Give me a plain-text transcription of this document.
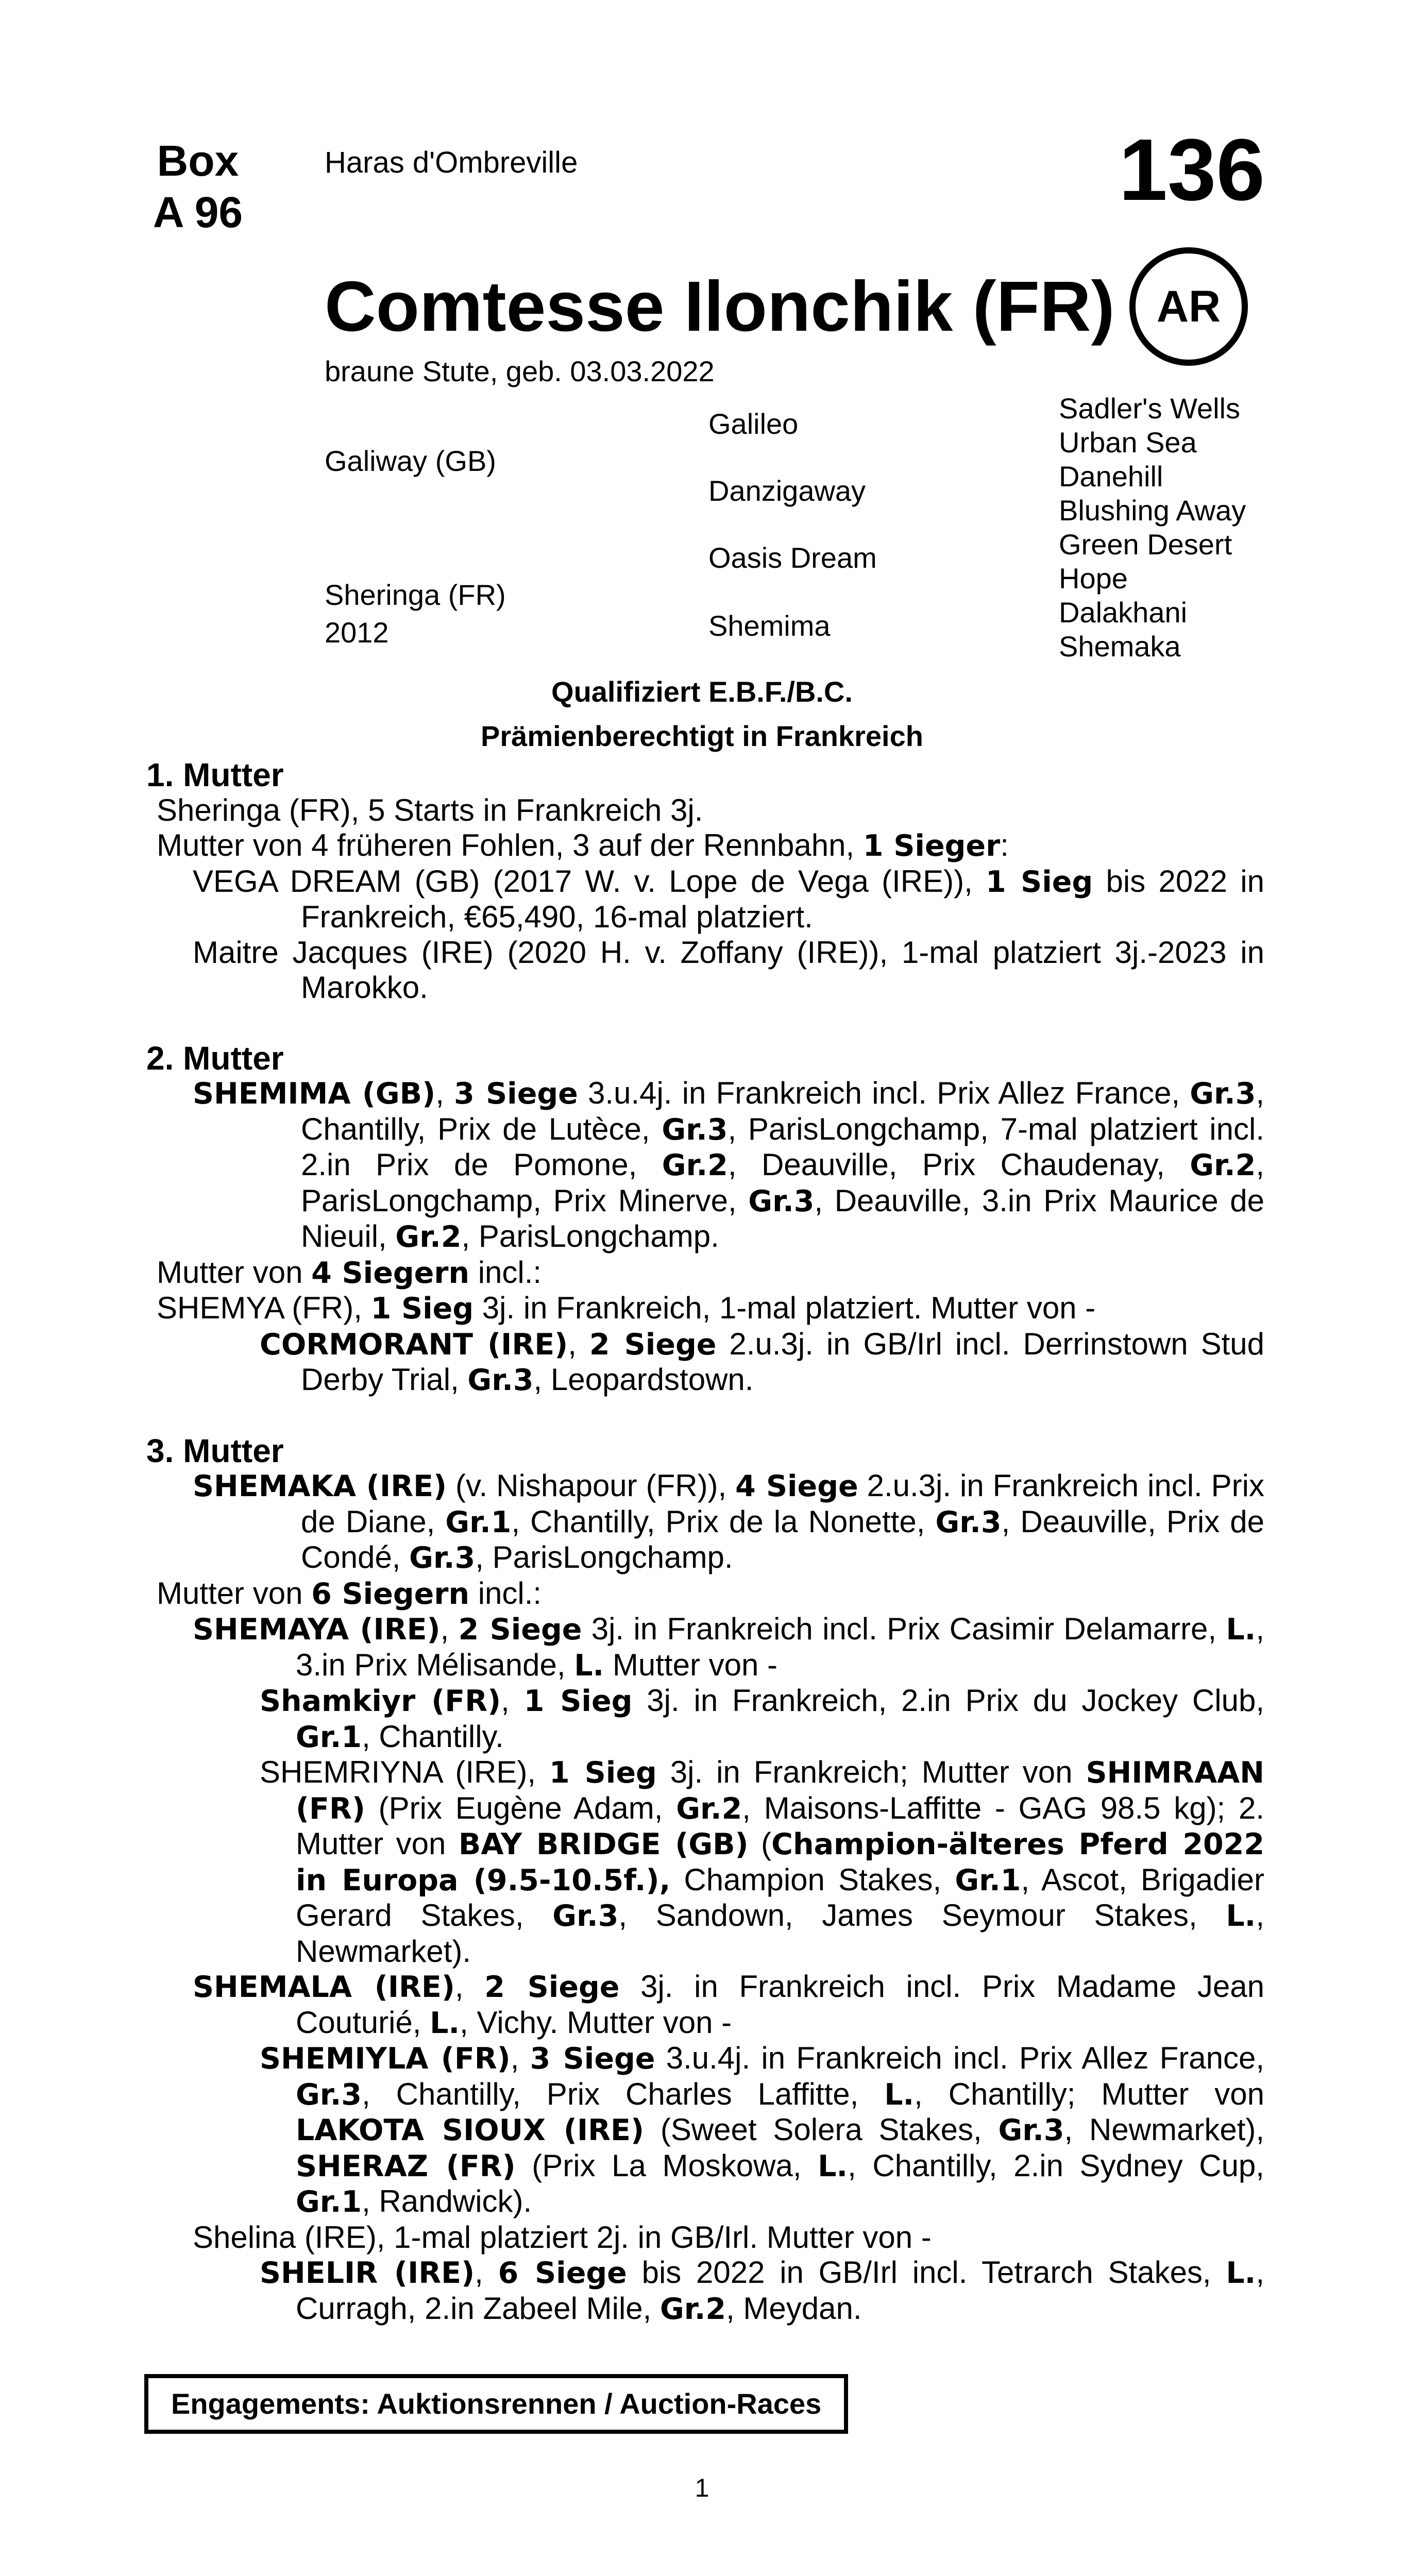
Box
A 96
Haras d'Ombreville	136
Comtesse Ilonchik (FR) AR
braune Stute, geb. 03.03.2022
Galiway (GB)
Sheringa (FR)
2012
Galileo
Danzigaway
Oasis Dream
Shemima
Sadler's Wells
Urban Sea
Danehill
Blushing Away
Green Desert
Hope
Dalakhani
Shemaka
Qualifiziert E.B.F./B.C.
Prämienberechtigt in Frankreich
1. Mutter

Sheringa (FR), 5 Starts in Frankreich 3j.

Mutter von 4 früheren Fohlen, 3 auf der Rennbahn, 1 Sieger:

VEGA DREAM (GB) (2017 W. v. Lope de Vega (IRE)), 1 Sieg bis 2022 in Frankreich, €65,490, 16-mal platziert.

Maitre Jacques (IRE) (2020 H. v. Zoffany (IRE)), 1-mal platziert 3j.-2023 in Marokko.

2. Mutter

SHEMIMA (GB), 3 Siege 3.u.4j. in Frankreich incl. Prix Allez France, Gr.3, Chantilly, Prix de Lutèce, Gr.3, ParisLongchamp, 7-mal platziert incl. 2.in Prix de Pomone, Gr.2, Deauville, Prix Chaudenay, Gr.2, ParisLongchamp, Prix Minerve, Gr.3, Deauville, 3.in Prix Maurice de Nieuil, Gr.2, ParisLongchamp.

Mutter von 4 Siegern incl.:

SHEMYA (FR), 1 Sieg 3j. in Frankreich, 1-mal platziert. Mutter von -

CORMORANT (IRE), 2 Siege 2.u.3j. in GB/Irl incl. Derrinstown Stud Derby Trial, Gr.3, Leopardstown.

3. Mutter

SHEMAKA (IRE) (v. Nishapour (FR)), 4 Siege 2.u.3j. in Frankreich incl. Prix de Diane, Gr.1, Chantilly, Prix de la Nonette, Gr.3, Deauville, Prix de Condé, Gr.3, ParisLongchamp.

Mutter von 6 Siegern incl.:

SHEMAYA (IRE), 2 Siege 3j. in Frankreich incl. Prix Casimir Delamarre, L., 3.in Prix Mélisande, L. Mutter von -

Shamkiyr (FR), 1 Sieg 3j. in Frankreich, 2.in Prix du Jockey Club, Gr.1, Chantilly.

SHEMRIYNA (IRE), 1 Sieg 3j. in Frankreich; Mutter von SHIMRAAN (FR) (Prix Eugène Adam, Gr.2, Maisons-Laffitte - GAG 98.5 kg); 2. Mutter von BAY BRIDGE (GB) (Champion-älteres Pferd 2022 in Europa (9.5-10.5f.), Champion Stakes, Gr.1, Ascot, Brigadier Gerard Stakes, Gr.3, Sandown, James Seymour Stakes, L., Newmarket).

SHEMALA (IRE), 2 Siege 3j. in Frankreich incl. Prix Madame Jean Couturié, L., Vichy. Mutter von -

SHEMIYLA (FR), 3 Siege 3.u.4j. in Frankreich incl. Prix Allez France, Gr.3, Chantilly, Prix Charles Laffitte, L., Chantilly; Mutter von LAKOTA SIOUX (IRE) (Sweet Solera Stakes, Gr.3, Newmarket), SHERAZ (FR) (Prix La Moskowa, L., Chantilly, 2.in Sydney Cup, Gr.1, Randwick).

Shelina (IRE), 1-mal platziert 2j. in GB/Irl. Mutter von -

SHELIR (IRE), 6 Siege bis 2022 in GB/Irl incl. Tetrarch Stakes, L., Curragh, 2.in Zabeel Mile, Gr.2, Meydan.

Engagements: Auktionsrennen / Auction-Races
1
